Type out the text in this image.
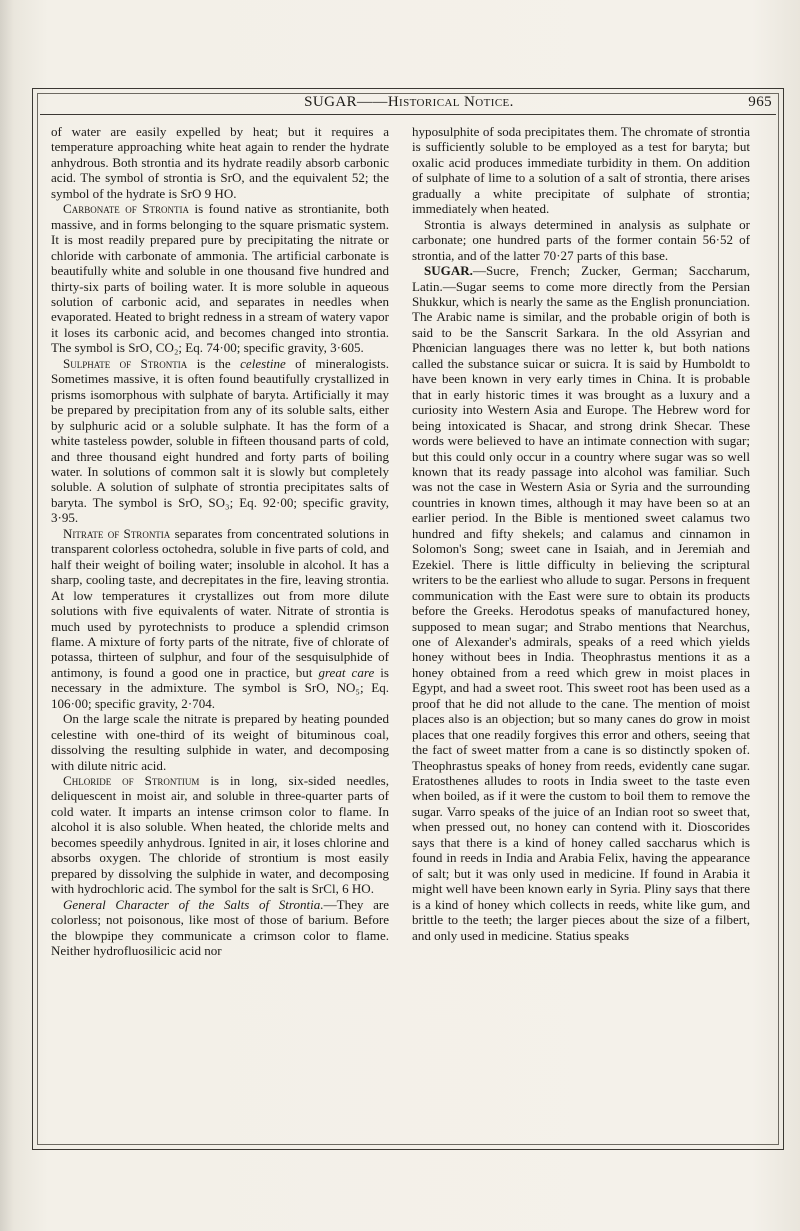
SUGAR——Historical Notice.	965

of water are easily expelled by heat; but it requires a temperature approaching white heat again to render the hydrate anhydrous. Both strontia and its hydrate readily absorb carbonic acid. The symbol of strontia is SrO, and the equivalent 52; the symbol of the hydrate is SrO 9 HO.

Carbonate of Strontia is found native as strontianite, both massive, and in forms belonging to the square prismatic system. It is most readily prepared pure by precipitating the nitrate or chloride with carbonate of ammonia. The artificial carbonate is beautifully white and soluble in one thousand five hundred and thirty-six parts of boiling water. It is more soluble in aqueous solution of carbonic acid, and separates in needles when evaporated. Heated to bright redness in a stream of watery vapor it loses its carbonic acid, and becomes changed into strontia. The symbol is SrO, CO₂; Eq. 74·00; specific gravity, 3·605.

Sulphate of Strontia is the celestine of mineralogists. Sometimes massive, it is often found beautifully crystallized in prisms isomorphous with sulphate of baryta. Artificially it may be prepared by precipitation from any of its soluble salts, either by sulphuric acid or a soluble sulphate. It has the form of a white tasteless powder, soluble in fifteen thousand parts of cold, and three thousand eight hundred and forty parts of boiling water. In solutions of common salt it is slowly but completely soluble. A solution of sulphate of strontia precipitates salts of baryta. The symbol is SrO, SO₃; Eq. 92·00; specific gravity, 3·95.

Nitrate of Strontia separates from concentrated solutions in transparent colorless octohedra, soluble in five parts of cold, and half their weight of boiling water; insoluble in alcohol. It has a sharp, cooling taste, and decrepitates in the fire, leaving strontia. At low temperatures it crystallizes out from more dilute solutions with five equivalents of water. Nitrate of strontia is much used by pyrotechnists to produce a splendid crimson flame. A mixture of forty parts of the nitrate, five of chlorate of potassa, thirteen of sulphur, and four of the sesquisulphide of antimony, is found a good one in practice, but great care is necessary in the admixture. The symbol is SrO, NO₅; Eq. 106·00; specific gravity, 2·704.

On the large scale the nitrate is prepared by heating pounded celestine with one-third of its weight of bituminous coal, dissolving the resulting sulphide in water, and decomposing with dilute nitric acid.

Chloride of Strontium is in long, six-sided needles, deliquescent in moist air, and soluble in three-quarter parts of cold water. It imparts an intense crimson color to flame. In alcohol it is also soluble. When heated, the chloride melts and becomes speedily anhydrous. Ignited in air, it loses chlorine and absorbs oxygen. The chloride of strontium is most easily prepared by dissolving the sulphide in water, and decomposing with hydrochloric acid. The symbol for the salt is SrCl, 6 HO.

General Character of the Salts of Strontia.—They are colorless; not poisonous, like most of those of barium. Before the blowpipe they communicate a crimson color to flame. Neither hydrofluosilicic acid nor

hyposulphite of soda precipitates them. The chromate of strontia is sufficiently soluble to be employed as a test for baryta; but oxalic acid produces immediate turbidity in them. On addition of sulphate of lime to a solution of a salt of strontia, there arises gradually a white precipitate of sulphate of strontia; immediately when heated.

Strontia is always determined in analysis as sulphate or carbonate; one hundred parts of the former contain 56·52 of strontia, and of the latter 70·27 parts of this base.

SUGAR.—Sucre, French; Zucker, German; Saccharum, Latin.—Sugar seems to come more directly from the Persian Shukkur, which is nearly the same as the English pronunciation. The Arabic name is similar, and the probable origin of both is said to be the Sanscrit Sarkara. In the old Assyrian and Phœnician languages there was no letter k, but both nations called the substance suicar or suicra. It is said by Humboldt to have been known in very early times in China. It is probable that in early historic times it was brought as a luxury and a curiosity into Western Asia and Europe. The Hebrew word for being intoxicated is Shacar, and strong drink Shecar. These words were believed to have an intimate connection with sugar; but this could only occur in a country where sugar was so well known that its ready passage into alcohol was familiar. Such was not the case in Western Asia or Syria and the surrounding countries in known times, although it may have been so at an earlier period. In the Bible is mentioned sweet calamus two hundred and fifty shekels; and calamus and cinnamon in Solomon's Song; sweet cane in Isaiah, and in Jeremiah and Ezekiel. There is little difficulty in believing the scriptural writers to be the earliest who allude to sugar. Persons in frequent communication with the East were sure to obtain its products before the Greeks. Herodotus speaks of manufactured honey, supposed to mean sugar; and Strabo mentions that Nearchus, one of Alexander's admirals, speaks of a reed which yields honey without bees in India. Theophrastus mentions it as a honey obtained from a reed which grew in moist places in Egypt, and had a sweet root. This sweet root has been used as a proof that he did not allude to the cane. The mention of moist places also is an objection; but so many canes do grow in moist places that one readily forgives this error and others, seeing that the fact of sweet matter from a cane is so distinctly spoken of. Theophrastus speaks of honey from reeds, evidently cane sugar. Eratosthenes alludes to roots in India sweet to the taste even when boiled, as if it were the custom to boil them to remove the sugar. Varro speaks of the juice of an Indian root so sweet that, when pressed out, no honey can contend with it. Dioscorides says that there is a kind of honey called saccharus which is found in reeds in India and Arabia Felix, having the appearance of salt; but it was only used in medicine. If found in Arabia it might well have been known early in Syria. Pliny says that there is a kind of honey which collects in reeds, white like gum, and brittle to the teeth; the larger pieces about the size of a filbert, and only used in medicine. Statius speaks
